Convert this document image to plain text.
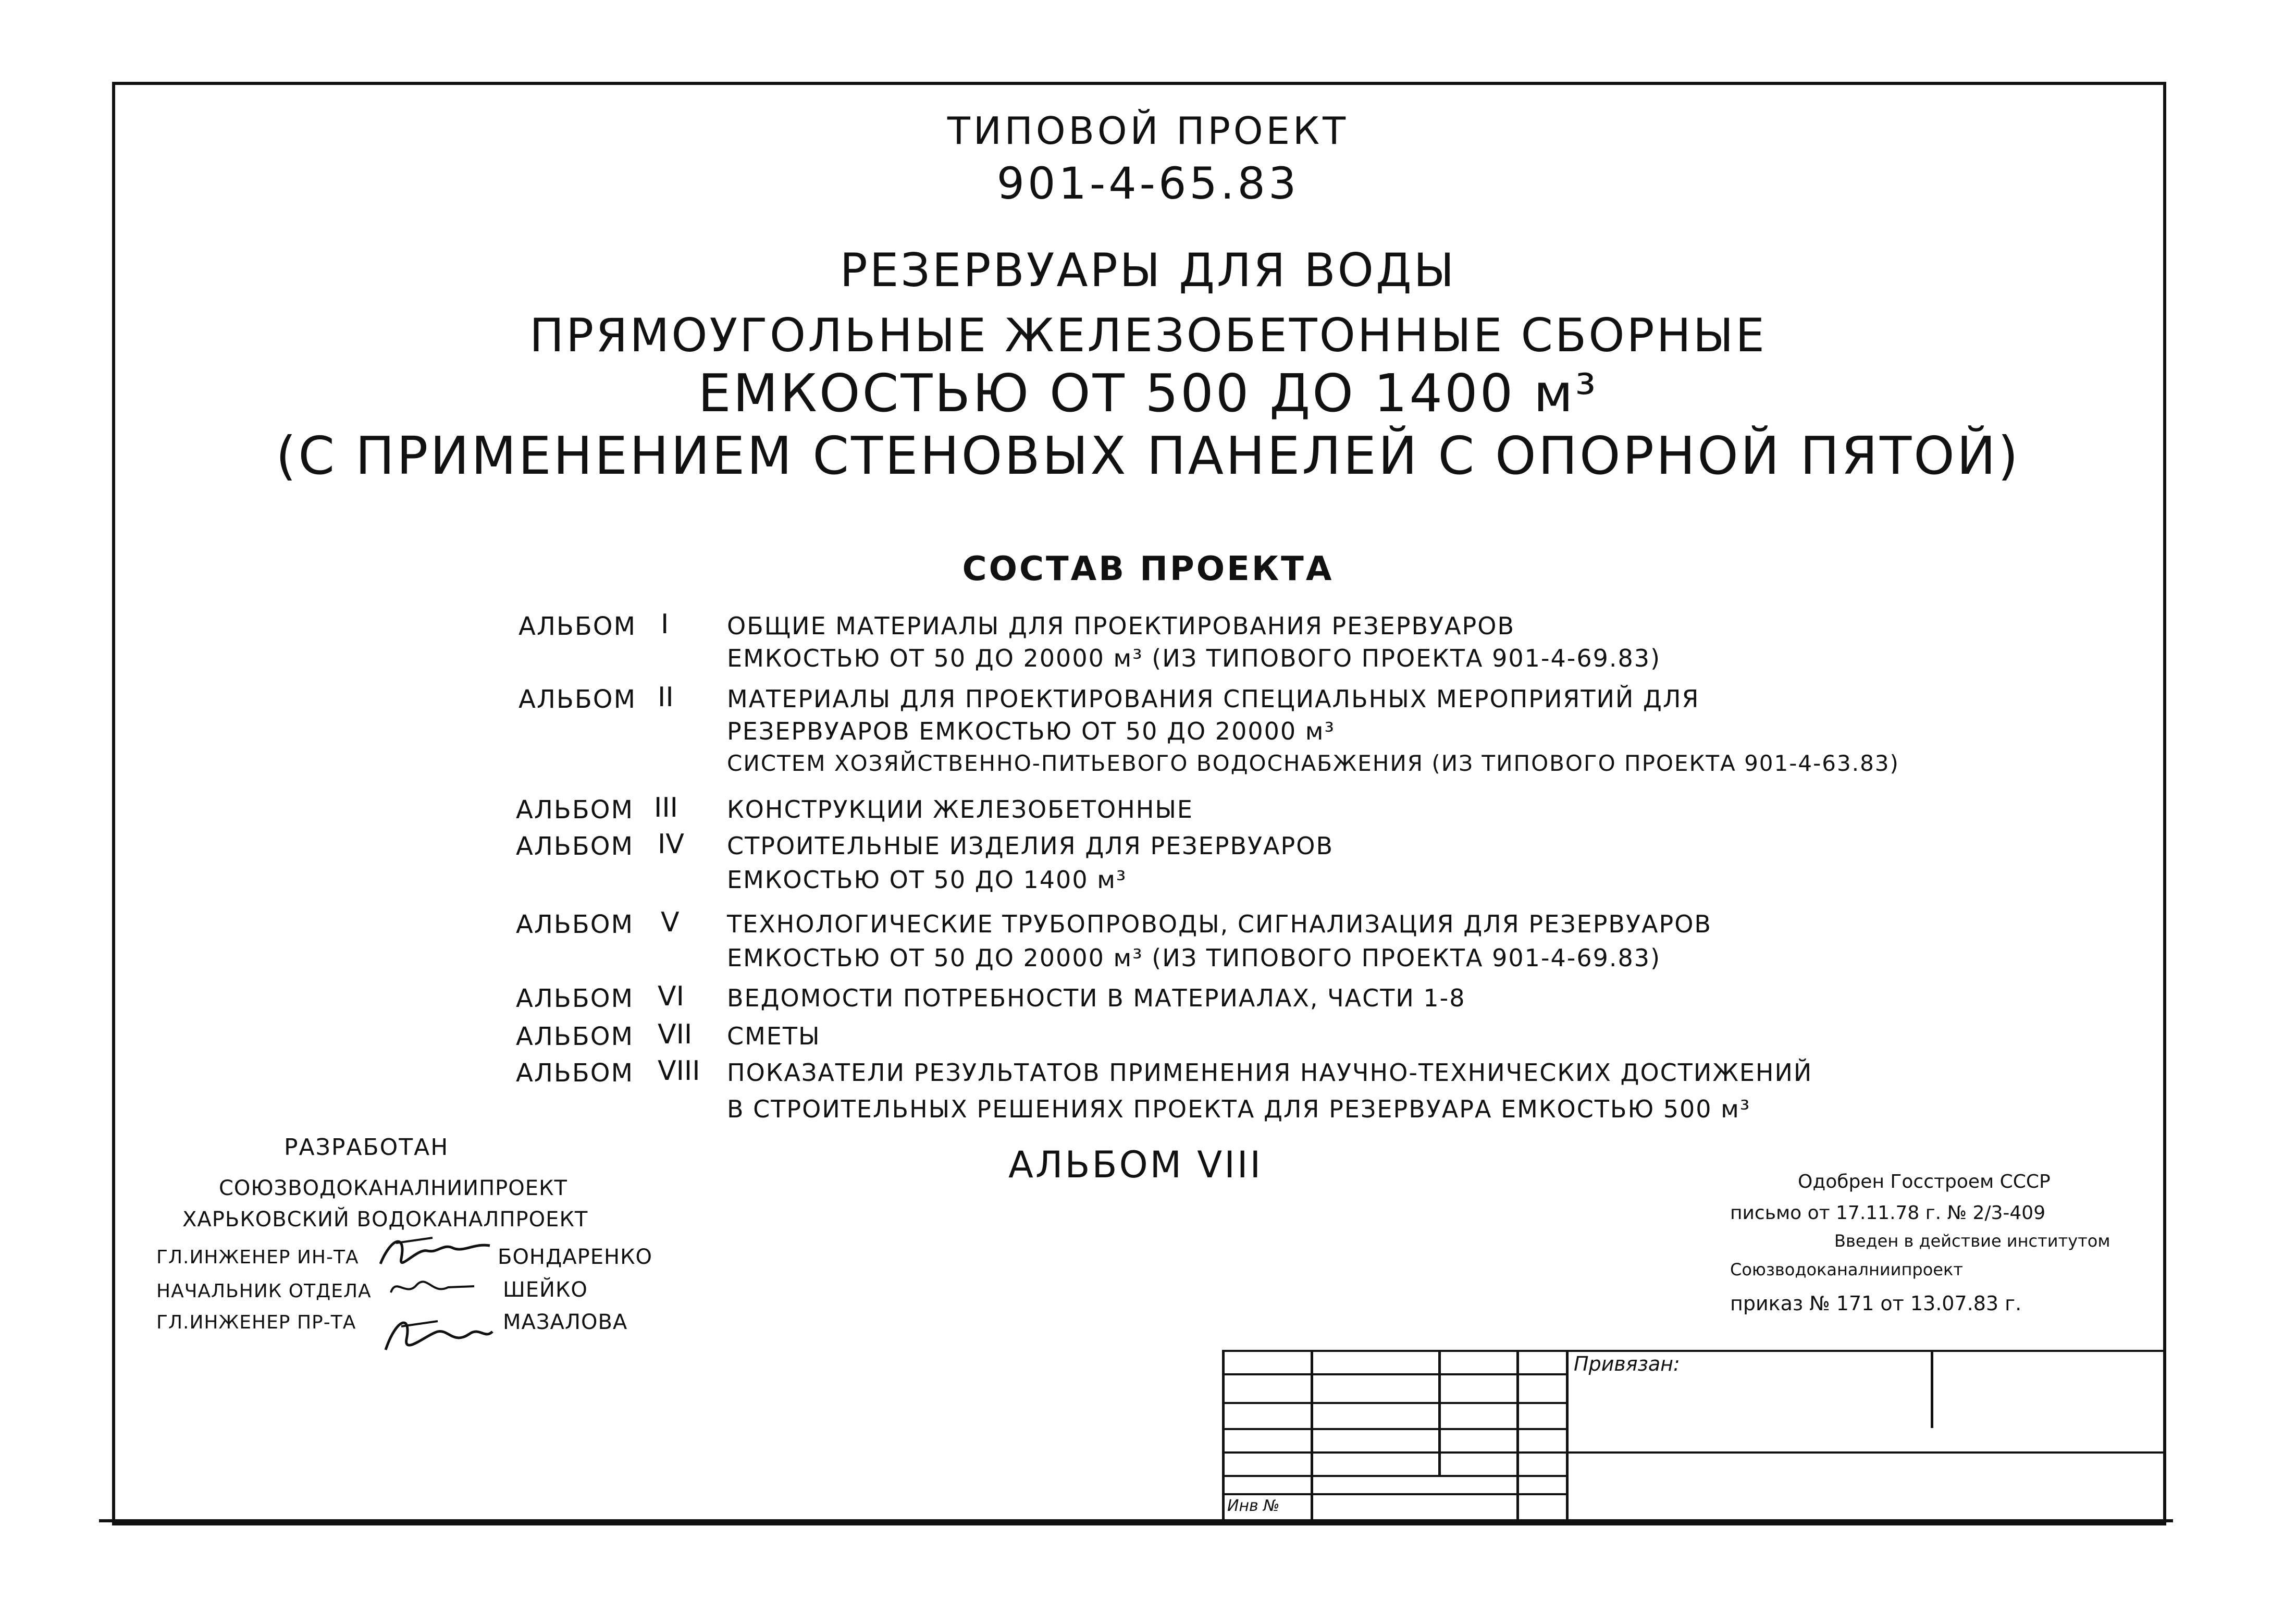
ТИПОВОЙ ПРОЕКТ
901-4-65.83
РЕЗЕРВУАРЫ ДЛЯ ВОДЫ
ПРЯМОУГОЛЬНЫЕ ЖЕЛЕЗОБЕТОННЫЕ СБОРНЫЕ
ЕМКОСТЬЮ ОТ 500 ДО 1400 м³
(С ПРИМЕНЕНИЕМ СТЕНОВЫХ ПАНЕЛЕЙ С ОПОРНОЙ ПЯТОЙ)
СОСТАВ ПРОЕКТА
АЛЬБОМ I ОБЩИЕ МАТЕРИАЛЫ ДЛЯ ПРОЕКТИРОВАНИЯ РЕЗЕРВУАРОВ
ЕМКОСТЬЮ ОТ 50 ДО 20000 м³ (ИЗ ТИПОВОГО ПРОЕКТА 901-4-69.83)
АЛЬБОМ II МАТЕРИАЛЫ ДЛЯ ПРОЕКТИРОВАНИЯ СПЕЦИАЛЬНЫХ МЕРОПРИЯТИЙ ДЛЯ
РЕЗЕРВУАРОВ ЕМКОСТЬЮ ОТ 50 ДО 20000 м³
СИСТЕМ ХОЗЯЙСТВЕННО-ПИТЬЕВОГО ВОДОСНАБЖЕНИЯ (ИЗ ТИПОВОГО ПРОЕКТА 901-4-63.83)
АЛЬБОМ III КОНСТРУКЦИИ ЖЕЛЕЗОБЕТОННЫЕ
АЛЬБОМ IV СТРОИТЕЛЬНЫЕ ИЗДЕЛИЯ ДЛЯ РЕЗЕРВУАРОВ
ЕМКОСТЬЮ ОТ 50 ДО 1400 м³
АЛЬБОМ V ТЕХНОЛОГИЧЕСКИЕ ТРУБОПРОВОДЫ, СИГНАЛИЗАЦИЯ ДЛЯ РЕЗЕРВУАРОВ
ЕМКОСТЬЮ ОТ 50 ДО 20000 м³ (ИЗ ТИПОВОГО ПРОЕКТА 901-4-69.83)
АЛЬБОМ VI ВЕДОМОСТИ ПОТРЕБНОСТИ В МАТЕРИАЛАХ, ЧАСТИ 1-8
АЛЬБОМ VII СМЕТЫ
АЛЬБОМ VIII ПОКАЗАТЕЛИ РЕЗУЛЬТАТОВ ПРИМЕНЕНИЯ НАУЧНО-ТЕХНИЧЕСКИХ ДОСТИЖЕНИЙ
В СТРОИТЕЛЬНЫХ РЕШЕНИЯХ ПРОЕКТА ДЛЯ РЕЗЕРВУАРА ЕМКОСТЬЮ 500 м³
АЛЬБОМ VIII
РАЗРАБОТАН
СОЮЗВОДОКАНАЛНИИПРОЕКТ
ХАРЬКОВСКИЙ ВОДОКАНАЛПРОЕКТ
ГЛ.ИНЖЕНЕР ИН-ТА	БОНДАРЕНКО
НАЧАЛЬНИК ОТДЕЛА	ШЕЙКО
ГЛ.ИНЖЕНЕР ПР-ТА	МАЗАЛОВА
Одобрен Госстроем СССР
письмо от 17.11.78 г. № 2/3-409
Введен в действие институтом
Союзводоканалниипроект
приказ № 171 от 13.07.83 г.
Привязан:
Инв №
